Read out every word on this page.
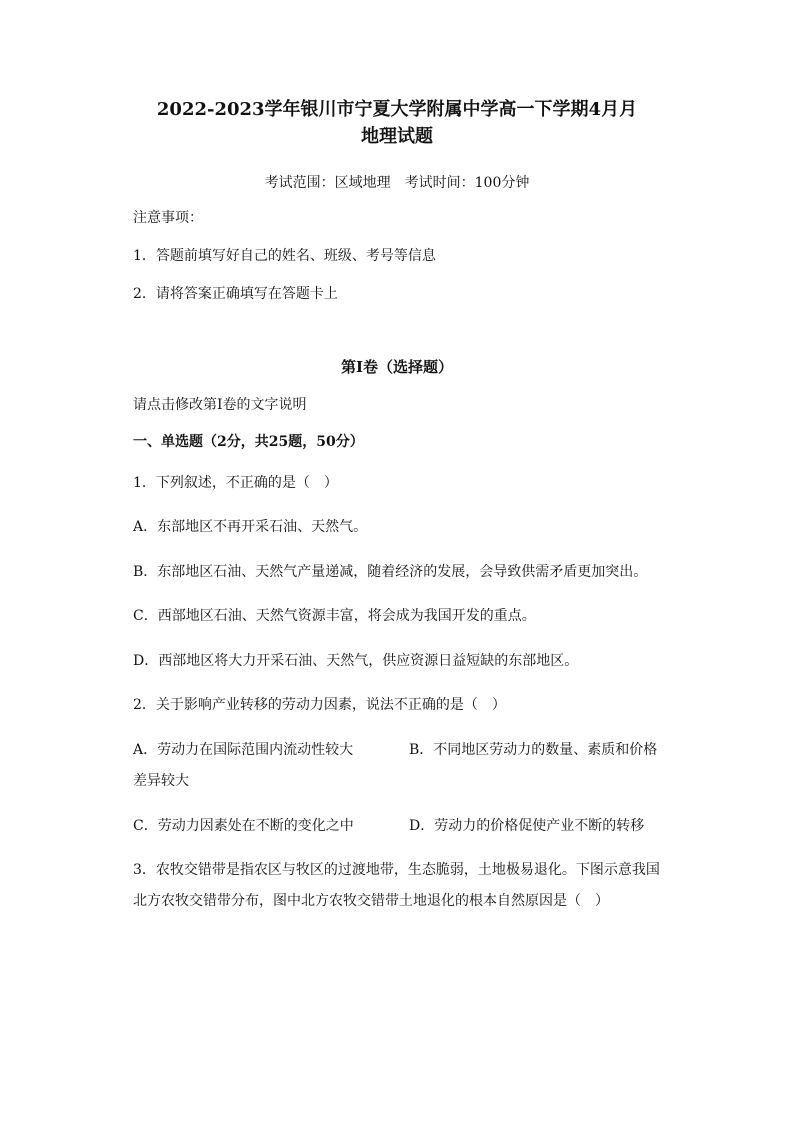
2022-2023学年银川市宁夏大学附属中学高一下学期4月月
地理试题
考试范围：区域地理　考试时间：100分钟
注意事项：
1．答题前填写好自己的姓名、班级、考号等信息
2．请将答案正确填写在答题卡上
第I卷（选择题）
请点击修改第I卷的文字说明
一、单选题（2分，共25题，50分）
1．下列叙述，不正确的是（　）
A．东部地区不再开采石油、天然气。
B．东部地区石油、天然气产量递减，随着经济的发展，会导致供需矛盾更加突出。
C．西部地区石油、天然气资源丰富，将会成为我国开发的重点。
D．西部地区将大力开采石油、天然气，供应资源日益短缺的东部地区。
2．关于影响产业转移的劳动力因素，说法不正确的是（　）
A．劳动力在国际范围内流动性较大	B．不同地区劳动力的数量、素质和价格
差异较大
C．劳动力因素处在不断的变化之中	D．劳动力的价格促使产业不断的转移
3．农牧交错带是指农区与牧区的过渡地带，生态脆弱，土地极易退化。下图示意我国
北方农牧交错带分布，图中北方农牧交错带土地退化的根本自然原因是（　）
